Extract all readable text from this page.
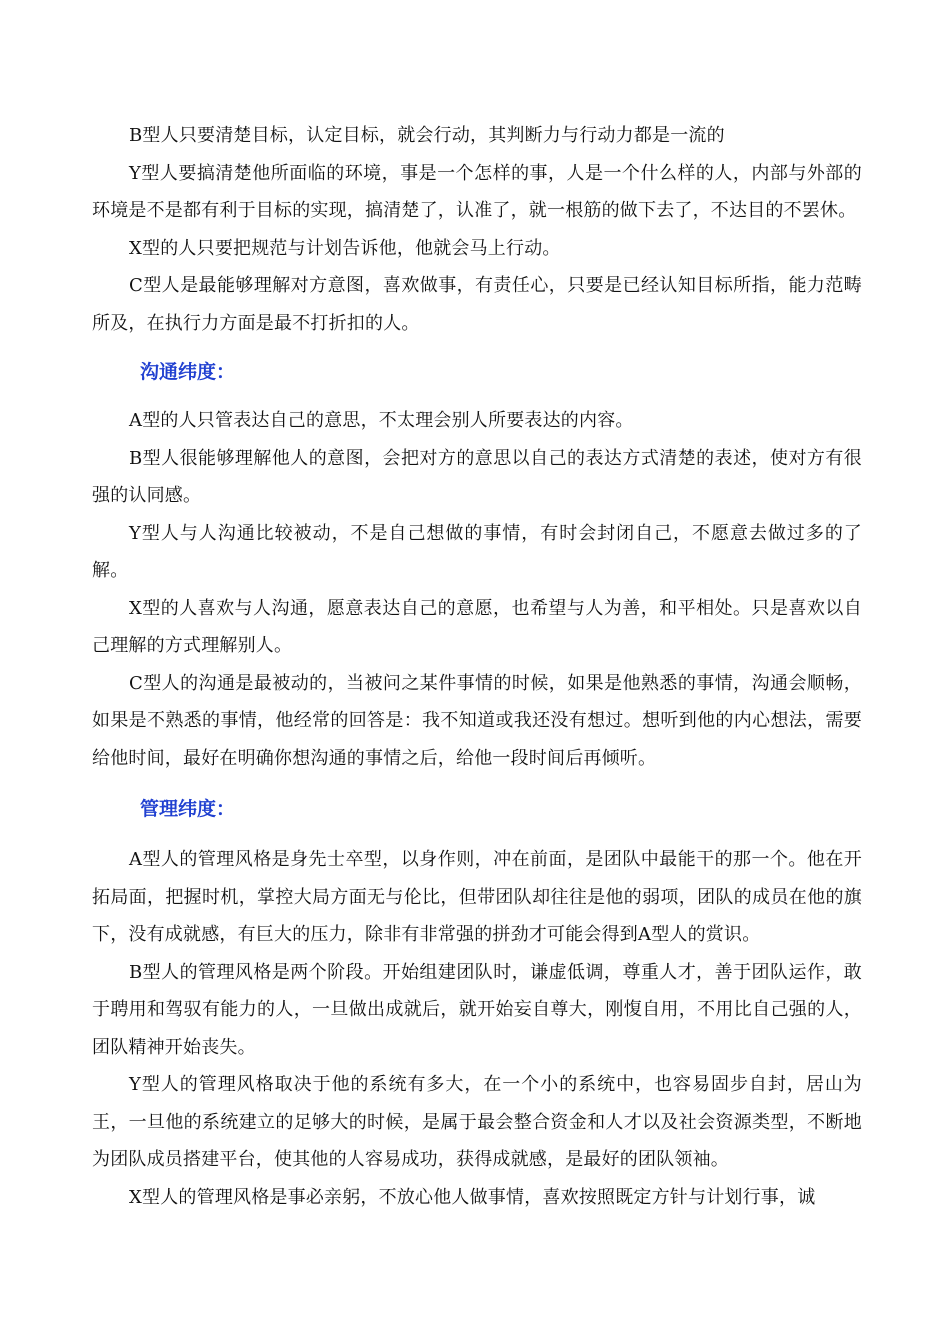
B型人只要清楚目标，认定目标，就会行动，其判断力与行动力都是一流的

Y型人要搞清楚他所面临的环境，事是一个怎样的事，人是一个什么样的人，内部与外部的环境是不是都有利于目标的实现，搞清楚了，认准了，就一根筋的做下去了，不达目的不罢休。

X型的人只要把规范与计划告诉他，他就会马上行动。

C型人是最能够理解对方意图，喜欢做事，有责任心，只要是已经认知目标所指，能力范畴所及，在执行力方面是最不打折扣的人。

沟通纬度：

A型的人只管表达自己的意思，不太理会别人所要表达的内容。

B型人很能够理解他人的意图，会把对方的意思以自己的表达方式清楚的表述，使对方有很强的认同感。

Y型人与人沟通比较被动，不是自己想做的事情，有时会封闭自己，不愿意去做过多的了解。

X型的人喜欢与人沟通，愿意表达自己的意愿，也希望与人为善，和平相处。只是喜欢以自己理解的方式理解别人。

C型人的沟通是最被动的，当被问之某件事情的时候，如果是他熟悉的事情，沟通会顺畅，如果是不熟悉的事情，他经常的回答是：我不知道或我还没有想过。想听到他的内心想法，需要给他时间，最好在明确你想沟通的事情之后，给他一段时间后再倾听。

管理纬度：

A型人的管理风格是身先士卒型，以身作则，冲在前面，是团队中最能干的那一个。他在开拓局面，把握时机，掌控大局方面无与伦比，但带团队却往往是他的弱项，团队的成员在他的旗下，没有成就感，有巨大的压力，除非有非常强的拼劲才可能会得到A型人的赏识。

B型人的管理风格是两个阶段。开始组建团队时，谦虚低调，尊重人才，善于团队运作，敢于聘用和驾驭有能力的人，一旦做出成就后，就开始妄自尊大，刚愎自用，不用比自己强的人，团队精神开始丧失。

Y型人的管理风格取决于他的系统有多大，在一个小的系统中，也容易固步自封，居山为王，一旦他的系统建立的足够大的时候，是属于最会整合资金和人才以及社会资源类型，不断地为团队成员搭建平台，使其他的人容易成功，获得成就感，是最好的团队领袖。

X型人的管理风格是事必亲躬，不放心他人做事情，喜欢按照既定方针与计划行事，诚
